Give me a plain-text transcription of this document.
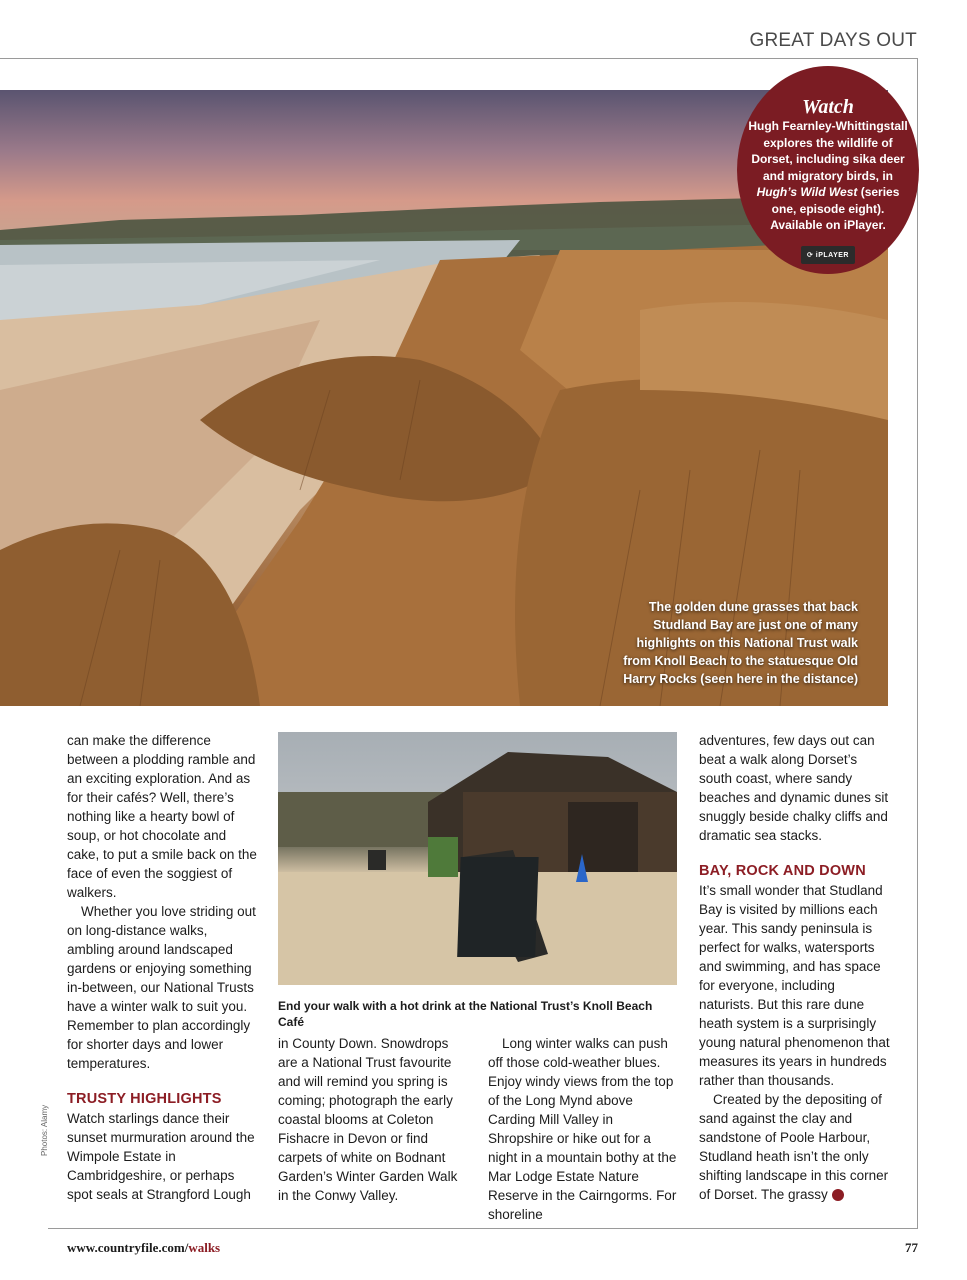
GREAT DAYS OUT
The golden dune grasses that back Studland Bay are just one of many highlights on this National Trust walk from Knoll Beach to the statuesque Old Harry Rocks (seen here in the distance)
Watch
Hugh Fearnley-Whittingstall explores the wildlife of Dorset, including sika deer and migratory birds, in Hugh’s Wild West (series one, episode eight). Available on iPlayer.
⟳ iPLAYER

can make the difference between a plodding ramble and an exciting exploration. And as for their cafés? Well, there’s nothing like a hearty bowl of soup, or hot chocolate and cake, to put a smile back on the face of even the soggiest of walkers.

Whether you love striding out on long-distance walks, ambling around landscaped gardens or enjoying something in-between, our National Trusts have a winter walk to suit you. Remember to plan accordingly for shorter days and lower temperatures.

TRUSTY HIGHLIGHTS

Watch starlings dance their sunset murmuration around the Wimpole Estate in Cambridgeshire, or perhaps spot seals at Strangford Lough

Photos: Alamy
End your walk with a hot drink at the National Trust’s Knoll Beach Café

in County Down. Snowdrops are a National Trust favourite and will remind you spring is coming; photograph the early coastal blooms at Coleton Fishacre in Devon or find carpets of white on Bodnant Garden’s Winter Garden Walk in the Conwy Valley.

Long winter walks can push off those cold-weather blues. Enjoy windy views from the top of the Long Mynd above Carding Mill Valley in Shropshire or hike out for a night in a mountain bothy at the Mar Lodge Estate Nature Reserve in the Cairngorms. For shoreline

adventures, few days out can beat a walk along Dorset’s south coast, where sandy beaches and dynamic dunes sit snuggly beside chalky cliffs and dramatic sea stacks.

BAY, ROCK AND DOWN

It’s small wonder that Studland Bay is visited by millions each year. This sandy peninsula is perfect for walks, watersports and swimming, and has space for everyone, including naturists. But this rare dune heath system is a surprisingly young natural phenomenon that measures its years in hundreds rather than thousands.

Created by the depositing of sand against the clay and sandstone of Poole Harbour, Studland heath isn’t the only shifting landscape in this corner of Dorset. The grassy ›

www.countryfile.com/walks	77
